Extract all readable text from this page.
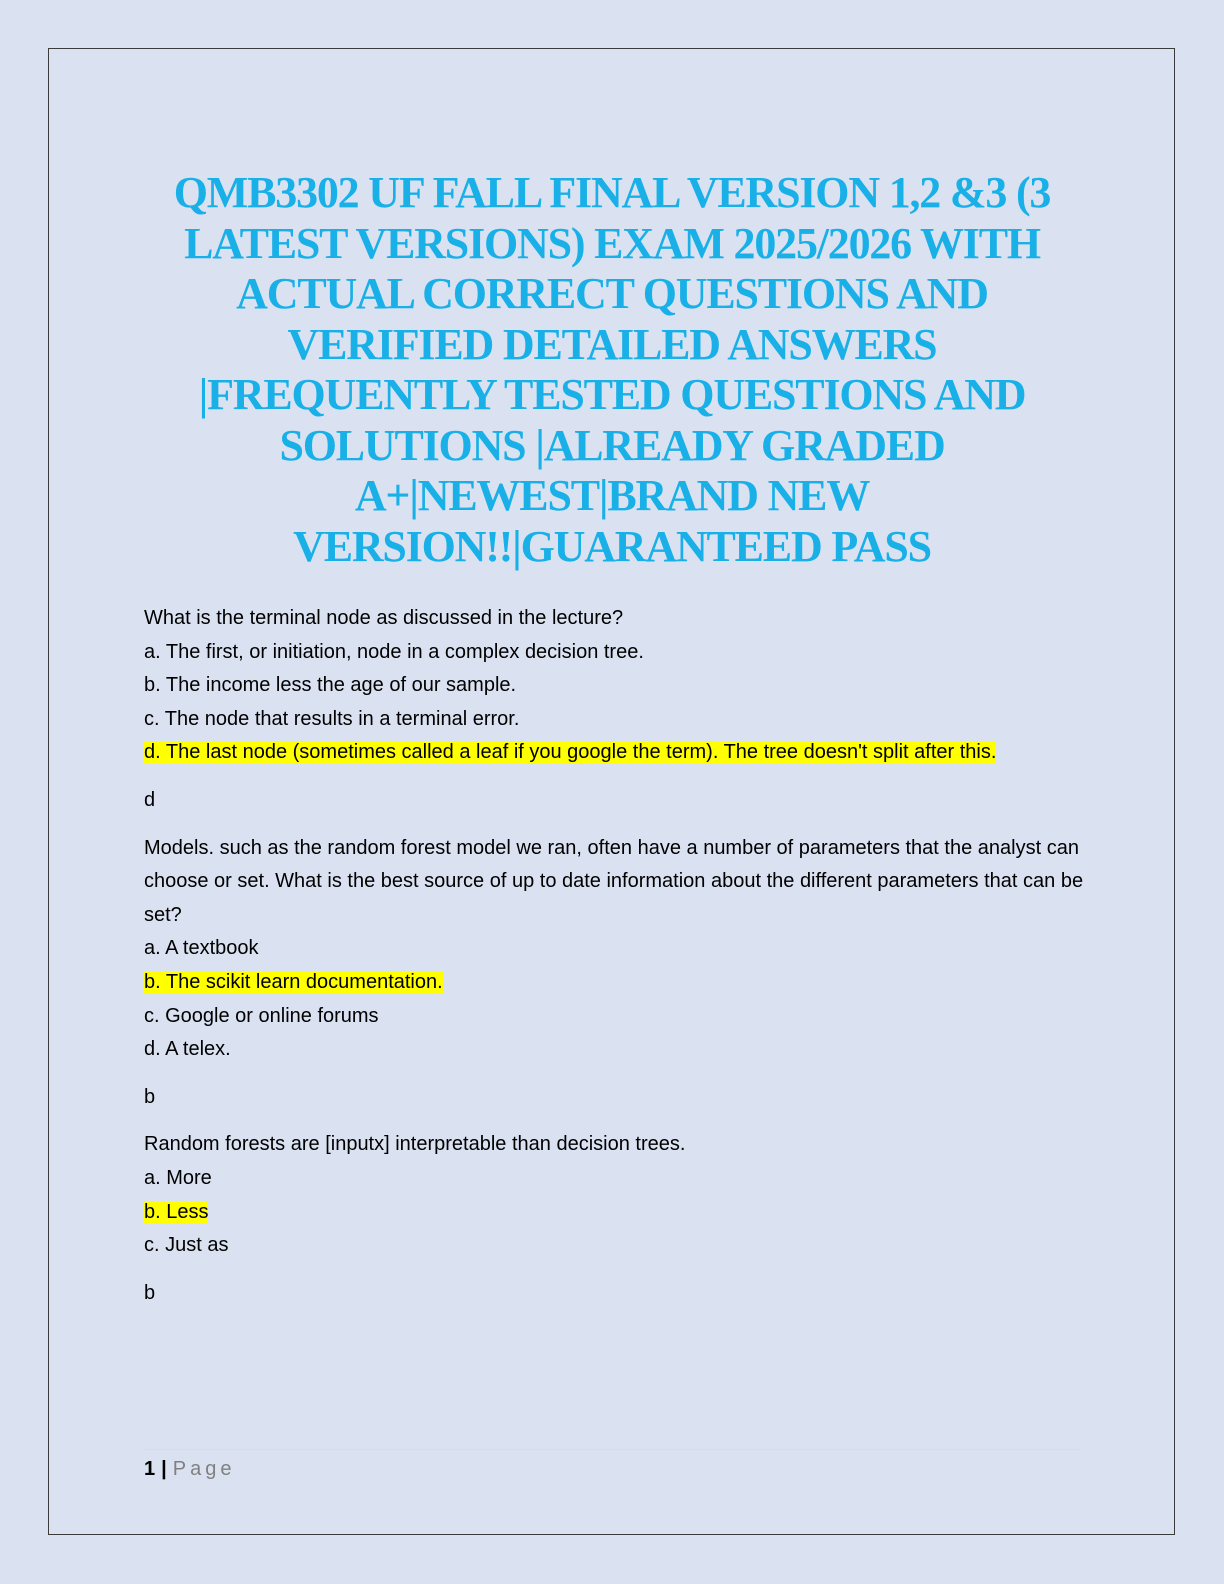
QMB3302 UF FALL FINAL VERSION 1,2 &3 (3 LATEST VERSIONS) EXAM 2025/2026 WITH ACTUAL CORRECT QUESTIONS AND VERIFIED DETAILED ANSWERS |FREQUENTLY TESTED QUESTIONS AND SOLUTIONS |ALREADY GRADED A+|NEWEST|BRAND NEW VERSION!!|GUARANTEED PASS
What is the terminal node as discussed in the lecture?
a. The first, or initiation, node in a complex decision tree.
b. The income less the age of our sample.
c. The node that results in a terminal error.
d. The last node (sometimes called a leaf if you google the term). The tree doesn't split after this.
d
Models. such as the random forest model we ran, often have a number of parameters that the analyst can choose or set. What is the best source of up to date information about the different parameters that can be set?
a. A textbook
b. The scikit learn documentation.
c. Google or online forums
d. A telex.
b
Random forests are [inputx] interpretable than decision trees.
a. More
b. Less
c. Just as
b
1 | Page
